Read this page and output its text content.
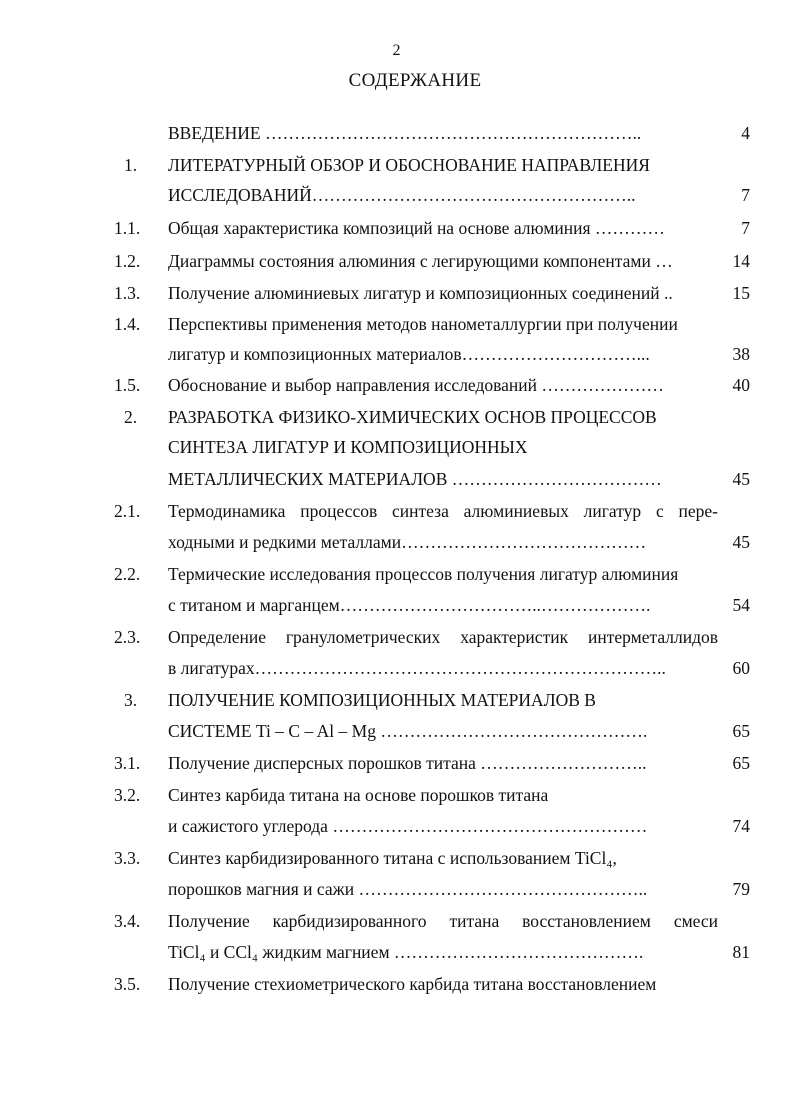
2
СОДЕРЖАНИЕ
ВВЕДЕНИЕ ………………………………………………………..	4
1.	ЛИТЕРАТУРНЫЙ ОБЗОР И ОБОСНОВАНИЕ НАПРАВЛЕНИЯ
ИССЛЕДОВАНИЙ………………………………………………..	7
1.1.	Общая характеристика композиций на основе алюминия …………	7
1.2.	Диаграммы состояния алюминия с легирующими компонентами …	14
1.3.	Получение алюминиевых лигатур и композиционных соединений ..	15
1.4.	Перспективы применения методов нанометаллургии при получении
лигатур и композиционных материалов…………………………...	38
1.5.	Обоснование и выбор направления исследований …………………	40
2.	РАЗРАБОТКА ФИЗИКО-ХИМИЧЕСКИХ ОСНОВ ПРОЦЕССОВ
СИНТЕЗА ЛИГАТУР И КОМПОЗИЦИОННЫХ
МЕТАЛЛИЧЕСКИХ МАТЕРИАЛОВ ………………………………	45
2.1.	Термодинамика процессов синтеза алюминиевых лигатур с пере-
ходными и редкими металлами……………………………………	45
2.2.	Термические исследования процессов получения лигатур алюминия
с титаном и марганцем……………………………..……………….	54
2.3.	Определение гранулометрических характеристик интерметаллидов
в лигатурах……………………………………………………………..	60
3.	ПОЛУЧЕНИЕ КОМПОЗИЦИОННЫХ МАТЕРИАЛОВ В
СИСТЕМЕ Ti – C – Al – Mg ……………………………………….	65
3.1.	Получение дисперсных порошков титана ………………………..	65
3.2.	Синтез карбида титана на основе порошков титана
и сажистого углерода ………………………………………………	74
3.3.	Синтез карбидизированного титана с использованием TiCl₄,
порошков магния и сажи …………………………………………..	79
3.4.	Получение карбидизированного титана восстановлением смеси
TiCl₄ и CCl₄ жидким магнием …………………………………….	81
3.5.	Получение стехиометрического карбида титана восстановлением
